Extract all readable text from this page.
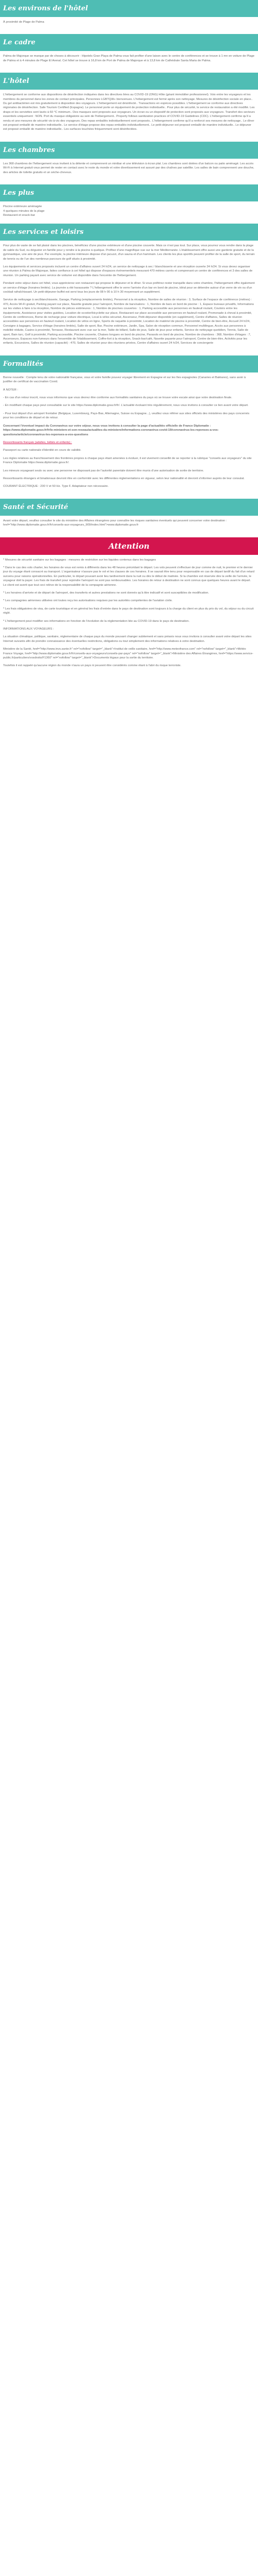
Les environs de l'hôtel

À proximité de Plage de Palma

Le cadre

Palma de Majorque se marque par de choses à découvrir : Hipotels Gran Playa de Palma vous fait profiter d'une laison avec le centre de conférences et se trouve à 1 mn en voiture de Plage de Palma et à 4 minutes de Plage El Arenal. Cet hôtel se trouve à 16,8 km de Port de Palma de Majorque et à 13,8 km de Cathédrale Santa Maria de Palma.

L'hôtel

L'hébergement se conforme aux dispositions de désinfection indiquées dans les directives liées au COVID-19 (ONG) Hôte (géant immobilier professionnel). Voix entre les voyageurs et les membres du personnel dans les zones de contact principales. Personnes LGBTQIA+ bienvenues. L'hébergement est fermé après son nettoyage. Mesures de désinfection sociale en place.. Du gel antibactérien est mis gratuitement à disposition des voyageurs. L'hébergement est désinfecté.. Transactions en espèces possibles. L'hébergement se conforme aux directives régionales de désinfection. Safe Tourism Certified (Espagne). Le personnel porte un équipement de protection individuelle.. Pour plus de sécurité, le service de restauration a été modifié. Les draps et les serviettes sont lavés à 60 °C minimum.. Des masques sont proposés aux voyageurs. Un écran ou un dispositif de protection sont proposés aux voyageurs. Transfert des secteurs essentiels uniquement : NON. Port du masque obligatoire au sein de l'hébergement.. Property follows sanitization practices of COVID-19 Guidelines (CDC). L'hébergement confirme qu'il a rendu et une mesures de sécurité vis-à-vis des voyageurs. Des repas emballés individuellement sont proposés.. L'hébergement confirme qu'il a renforcé ses mesures de nettoyage.. Le dîner est proposé emballé de manière individuelle.. Le service d'étage propose des repas emballés individuellement.. Le petit-déjeuner est proposé emballé de manière individuelle.. Le déjeuner est proposé emballé de manière individuelle.. Les surfaces touchées fréquemment sont désinfectées.

Les chambres

Les 368 chambres de l'hébergement vous invitent à la détente et comprennent un minibar et une télévision à écran plat. Les chambres sont dotées d'un balcon ou patio aménagé. Les accès Wi-Fi à Internet gratuit vous permet de rester en contact avec le reste du monde et votre divertissement est assuré par des chaînes par satellite. Les salles de bain comprennent une douche, des articles de toilette gratuits et un sèche-cheveux.

Les plus
Piscine extérieure aménagée
4 quelques minutes de la plage
Restaurant et snack-bar
Les services et loisirs

Pour plus de vaste de se fait plaisir dans les piscines, bénéficiez d'une piscine extérieure et d'une piscine couverte. Mais ce n'est pas tout. Sur place, vous pourrez vous rendre dans la plage de sable du Sud, ou déguster en famille pour y rendre à la piscine à quelque. Profitez d'une magnifique vue sur la mer Méditerranée. L'établissement offre aussi une garderie gratuite et de la gymnastique, une aire de jeux. Par exemple, la piscine intérieure dispose d'un jacuzzi, d'un sauna et d'un hammam. Les clients les plus sportifs peuvent profiter de la salle de sport, du terrain de tennis ou de l'un des nombreux parcours de golf situés à proximité.

Les équipements et services proposés incluent un centre d'affaires ouvert 24 h/24, un service de nettoyage à sec / blanchisserie et une réception ouverte 24 h/24. Si vous devez organiser une réunion à Palma de Majorque, faites confiance à cet hôtel qui dispose d'espaces événementiels mesurant 470 mètres carrés et comprenant un centre de conférences et 3 des salles de réunion. Un parking payant avec service de voiturier est disponible dans l'enceinte de l'hébergement.

Pendant votre séjour dans cet hôtel, vous apprécierez son restaurant qui propose le déjeuner et le dîner. Si vous préférez rester tranquille dans votre chambre, l'hébergement offre également un service d'étage (horaires limités). La journée a été harassante ? L'hébergement offre le verre l'arrivée d'un bar en bord de piscine, idéal pour se détendre autour d'un verre de vin ou d'un cocktail rafraîchissant. Un petit-déjeuner buffet est servi tous les jours de 08 h 00 à 10 h 30 moyennant un supplément.

Service de nettoyage à sec/blanchisserie, Garage, Parking (emplacements limités), Personnel à la réception, Nombre de salles de réunion : 3, Surface de l'espace de conférence (mètres) : 470, Accès Wi-Fi gratuit, Parking payant sur place, Navette gratuite pour l'aéroport, Nombre de bars/salons : 1, Nombre de bars en bord de piscine : 1, Espace bureaux privatifs, Informations sur les visites à faire à la réception, Nombre de pièces extérieures : 1, Nombre de piscines couvertes : 1, Parking accessible aux personnes en fauteuil roulant, Couloirs entre les équipements, Assistance pour visites guidées, Location de scooter/bicyclette sur place, Restaurant sur place accessible aux personnes en fauteuil roulant, Promenade à cheval à proximité, Centre de conférences, Borne de recharge pour voiture électrique, Local à vélos sécurisé, Ascenseur, Petit-déjeuner disponible (en supplément), Centre d'affaires, Salles de réunion accessibles aux personnes en fauteuil roulant, Location de vélos en ligne, Sports de raquette à proximité, Location de matériel de piscine à proximité, Centre de bien-être, Accueil 24 h/24, Consigne à bagages, Service d'étage (horaires limités), Salle de sport, Bar, Piscine extérieure, Jardin, Spa, Salon de réception commun, Personnel multilingue, Accès aux personnes à mobilité réduite, Casino à proximité, Terrasse, Restaurant avec vue sur la mer, Table de billard, Salle de jeux, Salle de jeux pour enfants, Service de nettoyage quotidien, Tennis, Salle de sport, Bain turc, Golf à proximité, Parking accessible, Piscine couverte, Chaises longues en bord de piscine, Parasols en bord de piscine, Nombre de chambres : 368, Nombre d'étages : 7, Ascenseurs, Espaces non-fumeurs dans l'ensemble de l'établissement, Coffre-fort à la réception, Snack-bar/café, Navette payante pour l'aéroport, Centre de bien-être, Activités pour les enfants, Excursions, Salles de réunion (capacité) : 470, Salles de réunion pour des réunions privées, Centre d'affaires ouvert 24 h/24, Services de conciergerie

Formalités

Bonne nouvelle : Compte tenu de votre nationalité française, vous et votre famille pouvez voyager librement en Espagne et sur les îles espagnoles (Canaries et Baléares), sans avoir à justifier de certificat de vaccination Covid.

À NOTER :

- En cas d'un retour inscrit, nous vous informons que vous devrez être conforme aux formalités sanitaires du pays où se trouve votre escale ainsi que votre destination finale.

- En modifiant chaque pays peut consultable sur le site https://www.diplomatie.gouv.fr/fr/. L'actualité évoluant très régulièrement, nous vous invitons à consulter ce lien avant votre départ.

- Pour tout départ d'un aéroport frontalier (Belgique, Luxembourg, Pays-Bas, Allemagne, Suisse ou Espagne...), veuillez vous référer aux sites officiels des ministères des pays concernés pour les conditions de départ et de retour.

Concernant l'éventuel impact du Coronavirus sur votre séjour, nous vous invitons à consulter la page d'actualités officielle de France Diplomatie : https://www.diplomatie.gouv.fr/fr/le-ministere-et-son-reseau/actualites-du-ministere/informations-coronavirus-covid-19/coronavirus-les-reponses-a-vos-questions/article/coronavirus-les-reponses-a-vos-questions

Ressortissants français (adultes, bébés et enfants) :

Passeport ou carte nationale d'identité en cours de validité.

Les règles relatives au franchissement des frontières propres à chaque pays étant amenées à évoluer, il est vivement conseillé de se reporter à la rubrique "conseils aux voyageurs" du site France Diplomatie https://www.diplomatie.gouv.fr/.

Les mineurs voyageant seuls ou avec une personne ne disposant pas de l'autorité parentale doivent être munis d'une autorisation de sortie de territoire.

Ressortissants étrangers et binationaux devront être en conformité avec les différentes réglementations en vigueur, selon leur nationalité et devront s'informer auprès de leur consulat.

COURANT ÉLECTRIQUE : 230 V et 50 Hz. Type F. Adaptateur non nécessaire.

Santé et Sécurité

Avant votre départ, veuillez consulter le site du ministère des Affaires étrangères pour connaître les risques sanitaires éventuels qui peuvent concerner votre destination : href="http://www.diplomatie.gouv.fr/fr/conseils-aux-voyageurs_909/index.html">www.diplomatie.gouv.fr

Attention

* Mesures de sécurité sanitaire sur les bagages : mesures de restriction sur les liquides contenus dans les bagages

* Dans le cas des vols charter, les horaires de vous est remis à différents dans les 48 heures précédant le départ. Les vols peuvent s'effectuer de jour comme de nuit, le premier et le dernier jour du voyage étant consacré au transport. L'organisateur n'assure pas le vol et les clauses de ces horaires. Il se saurait être tenu pour responsable en cas de départ tardif du fait d'un retard survenu pour raisons opérationnelles. En particulier, le départ pouvant avoir lieu tardivement dans la nuit ou dès le début de matinée. Si la chambre est réservée dès la veille de l'arrivée, le voyageur doit la payer. Les frais de transfert pour rejoindre l'aéroport ne sont pas remboursables. Les horaires de retour à destination ne sont connus que quelques heures avant le départ. Le client est averti que tout ceci relève de la responsabilité de la compagnie aérienne.

* Les horaires d'arrivée et de départ de l'aéroport, des transferts et autres prestations ne sont donnés qu'à titre indicatif et sont susceptibles de modification.

* Les compagnies aériennes utilisées ont toutes reçu les autorisations requises par les autorités compétentes de l'aviation civile.

* Les frais obligatoires de visa, de carte touristique et en général les frais d'entrée dans le pays de destination sont toujours à la charge du client en plus du prix du vol, du séjour ou du circuit réglé.

* L'hébergement peut modifier ses informations en fonction de l'évolution de la réglementation liée au COVID-19 dans le pays de destination.

INFORMATIONS AUX VOYAGEURS :

La situation climatique, politique, sanitaire, réglementaire de chaque pays du monde pouvant changer subitement et sans préavis nous vous invitons à consulter avant votre départ les sites Internet suivants afin de prendre connaissance des éventuelles restrictions, obligations ou tout simplement des informations relatives à votre destination.

Ministère de la Santé, href="http://www.invs.sante.fr" rel="nofollow" target="_blank">Institut de veille sanitaire, href="http://www.meteofrance.com" rel="nofollow" target="_blank">Météo France Voyage, href="http://www.diplomatie.gouv.fr/fr/conseils-aux-voyageurs/conseils-par-pays" rel="nofollow" target="_blank">Ministère des Affaires Étrangères, href="https://www.service-public.fr/particuliers/vosdroits/F1360" rel="nofollow" target="_blank">Documents légaux pour la sortie du territoire.

Toutefois il est rappelé qu'aucune région du monde n'aura un pays ni peuvent être considérés comme étant à l'abri du risque terroriste.
